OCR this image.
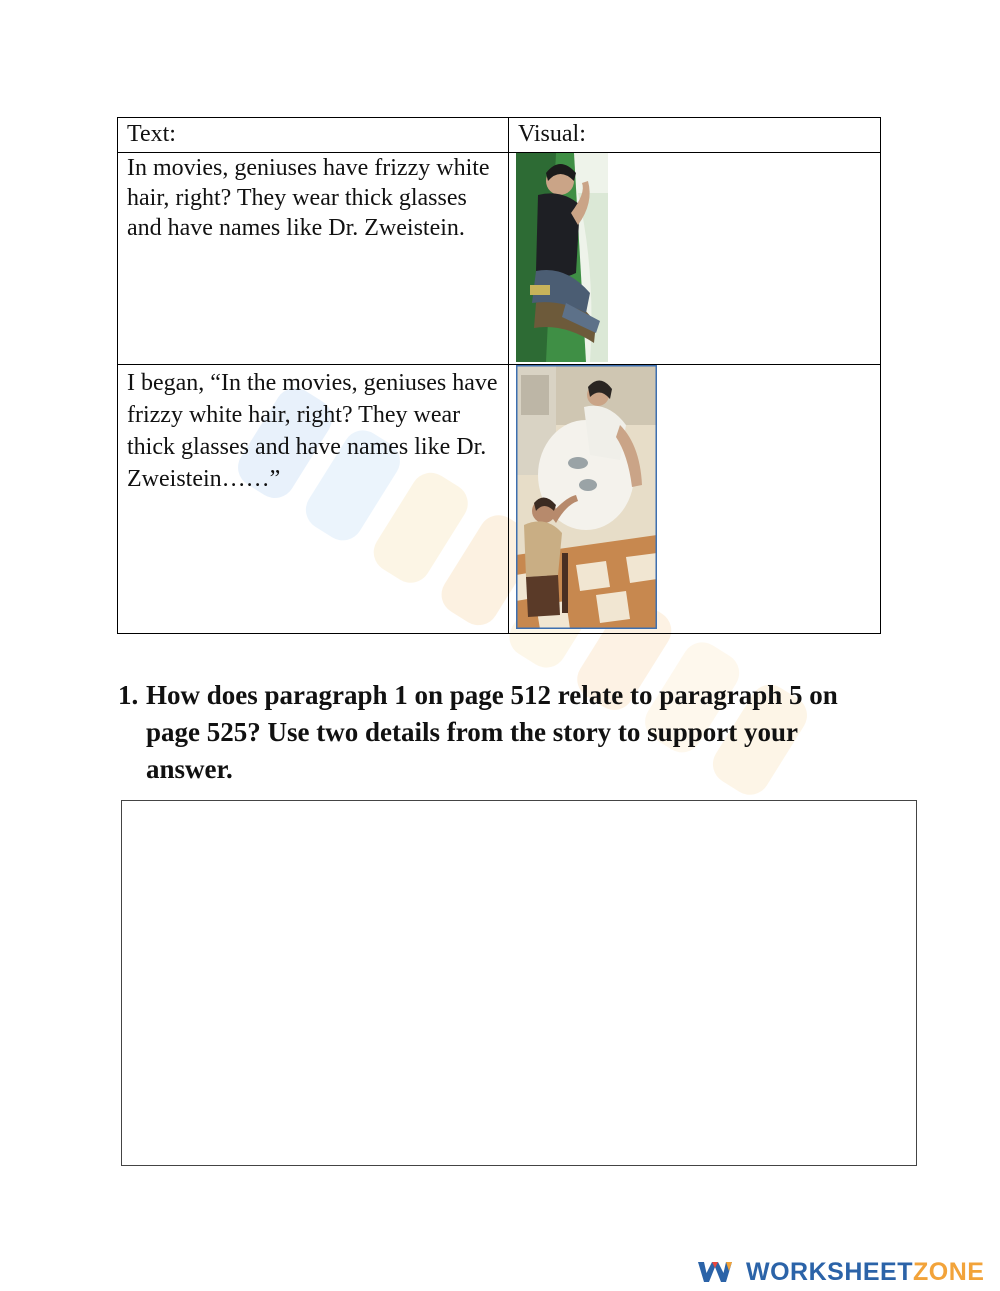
Text:	Visual:
In movies, geniuses have frizzy white hair, right? They wear thick glasses and have names like Dr. Zweistein.	

I began, “In the movies, geniuses have frizzy white hair, right? They wear thick glasses and have names like Dr. Zweistein……”	
1. How does paragraph 1 on page 512 relate to paragraph 5 on page 525? Use two details from the story to support your answer.
WORKSHEETZONE
